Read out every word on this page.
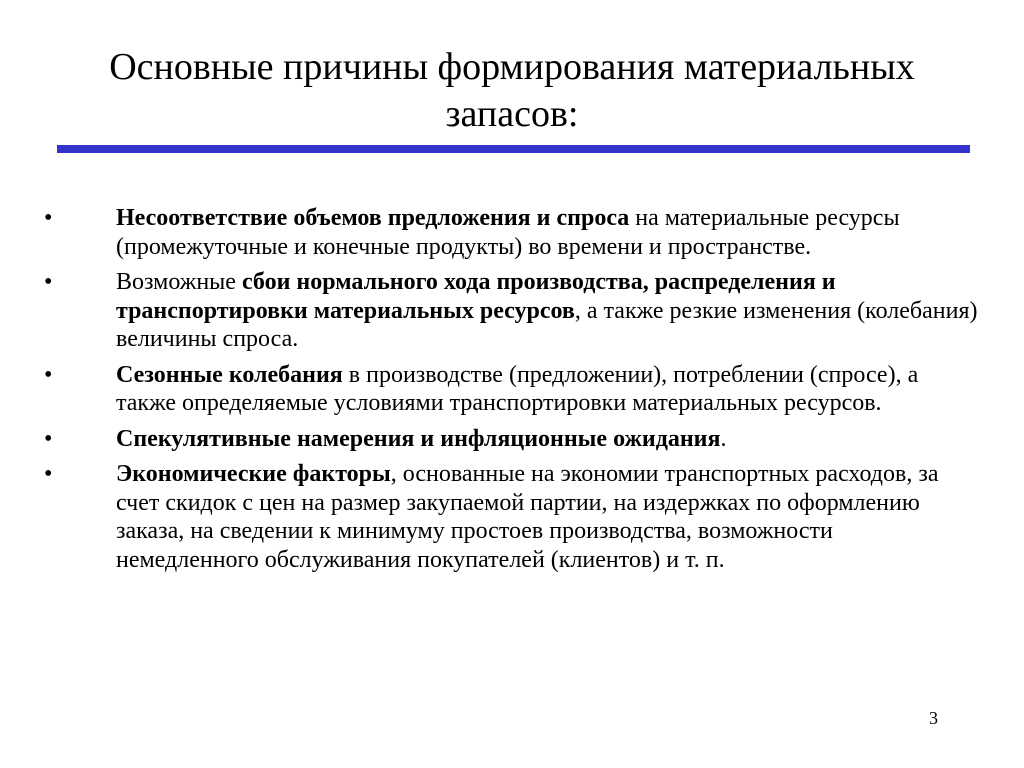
Основные причины формирования материальных запасов:
•	Несоответствие объемов предложения и спроса на материальные ресурсы (промежуточные и конечные продукты) во времени и пространстве.
•	Возможные сбои нормального хода производства, распределения и транспортировки материальных ресурсов, а также резкие изменения (колебания) величины спроса.
•	Сезонные колебания в производстве (предложении), потреблении (спросе), а также определяемые условиями транспортировки материальных ресурсов.
•	Спекулятивные намерения и инфляционные ожидания.
•	Экономические факторы, основанные на экономии транспортных расходов, за счет скидок с цен на размер закупаемой партии, на издержках по оформлению заказа, на сведении к минимуму простоев производства, возможности немедленного обслуживания покупателей (клиентов) и т. п.
3
